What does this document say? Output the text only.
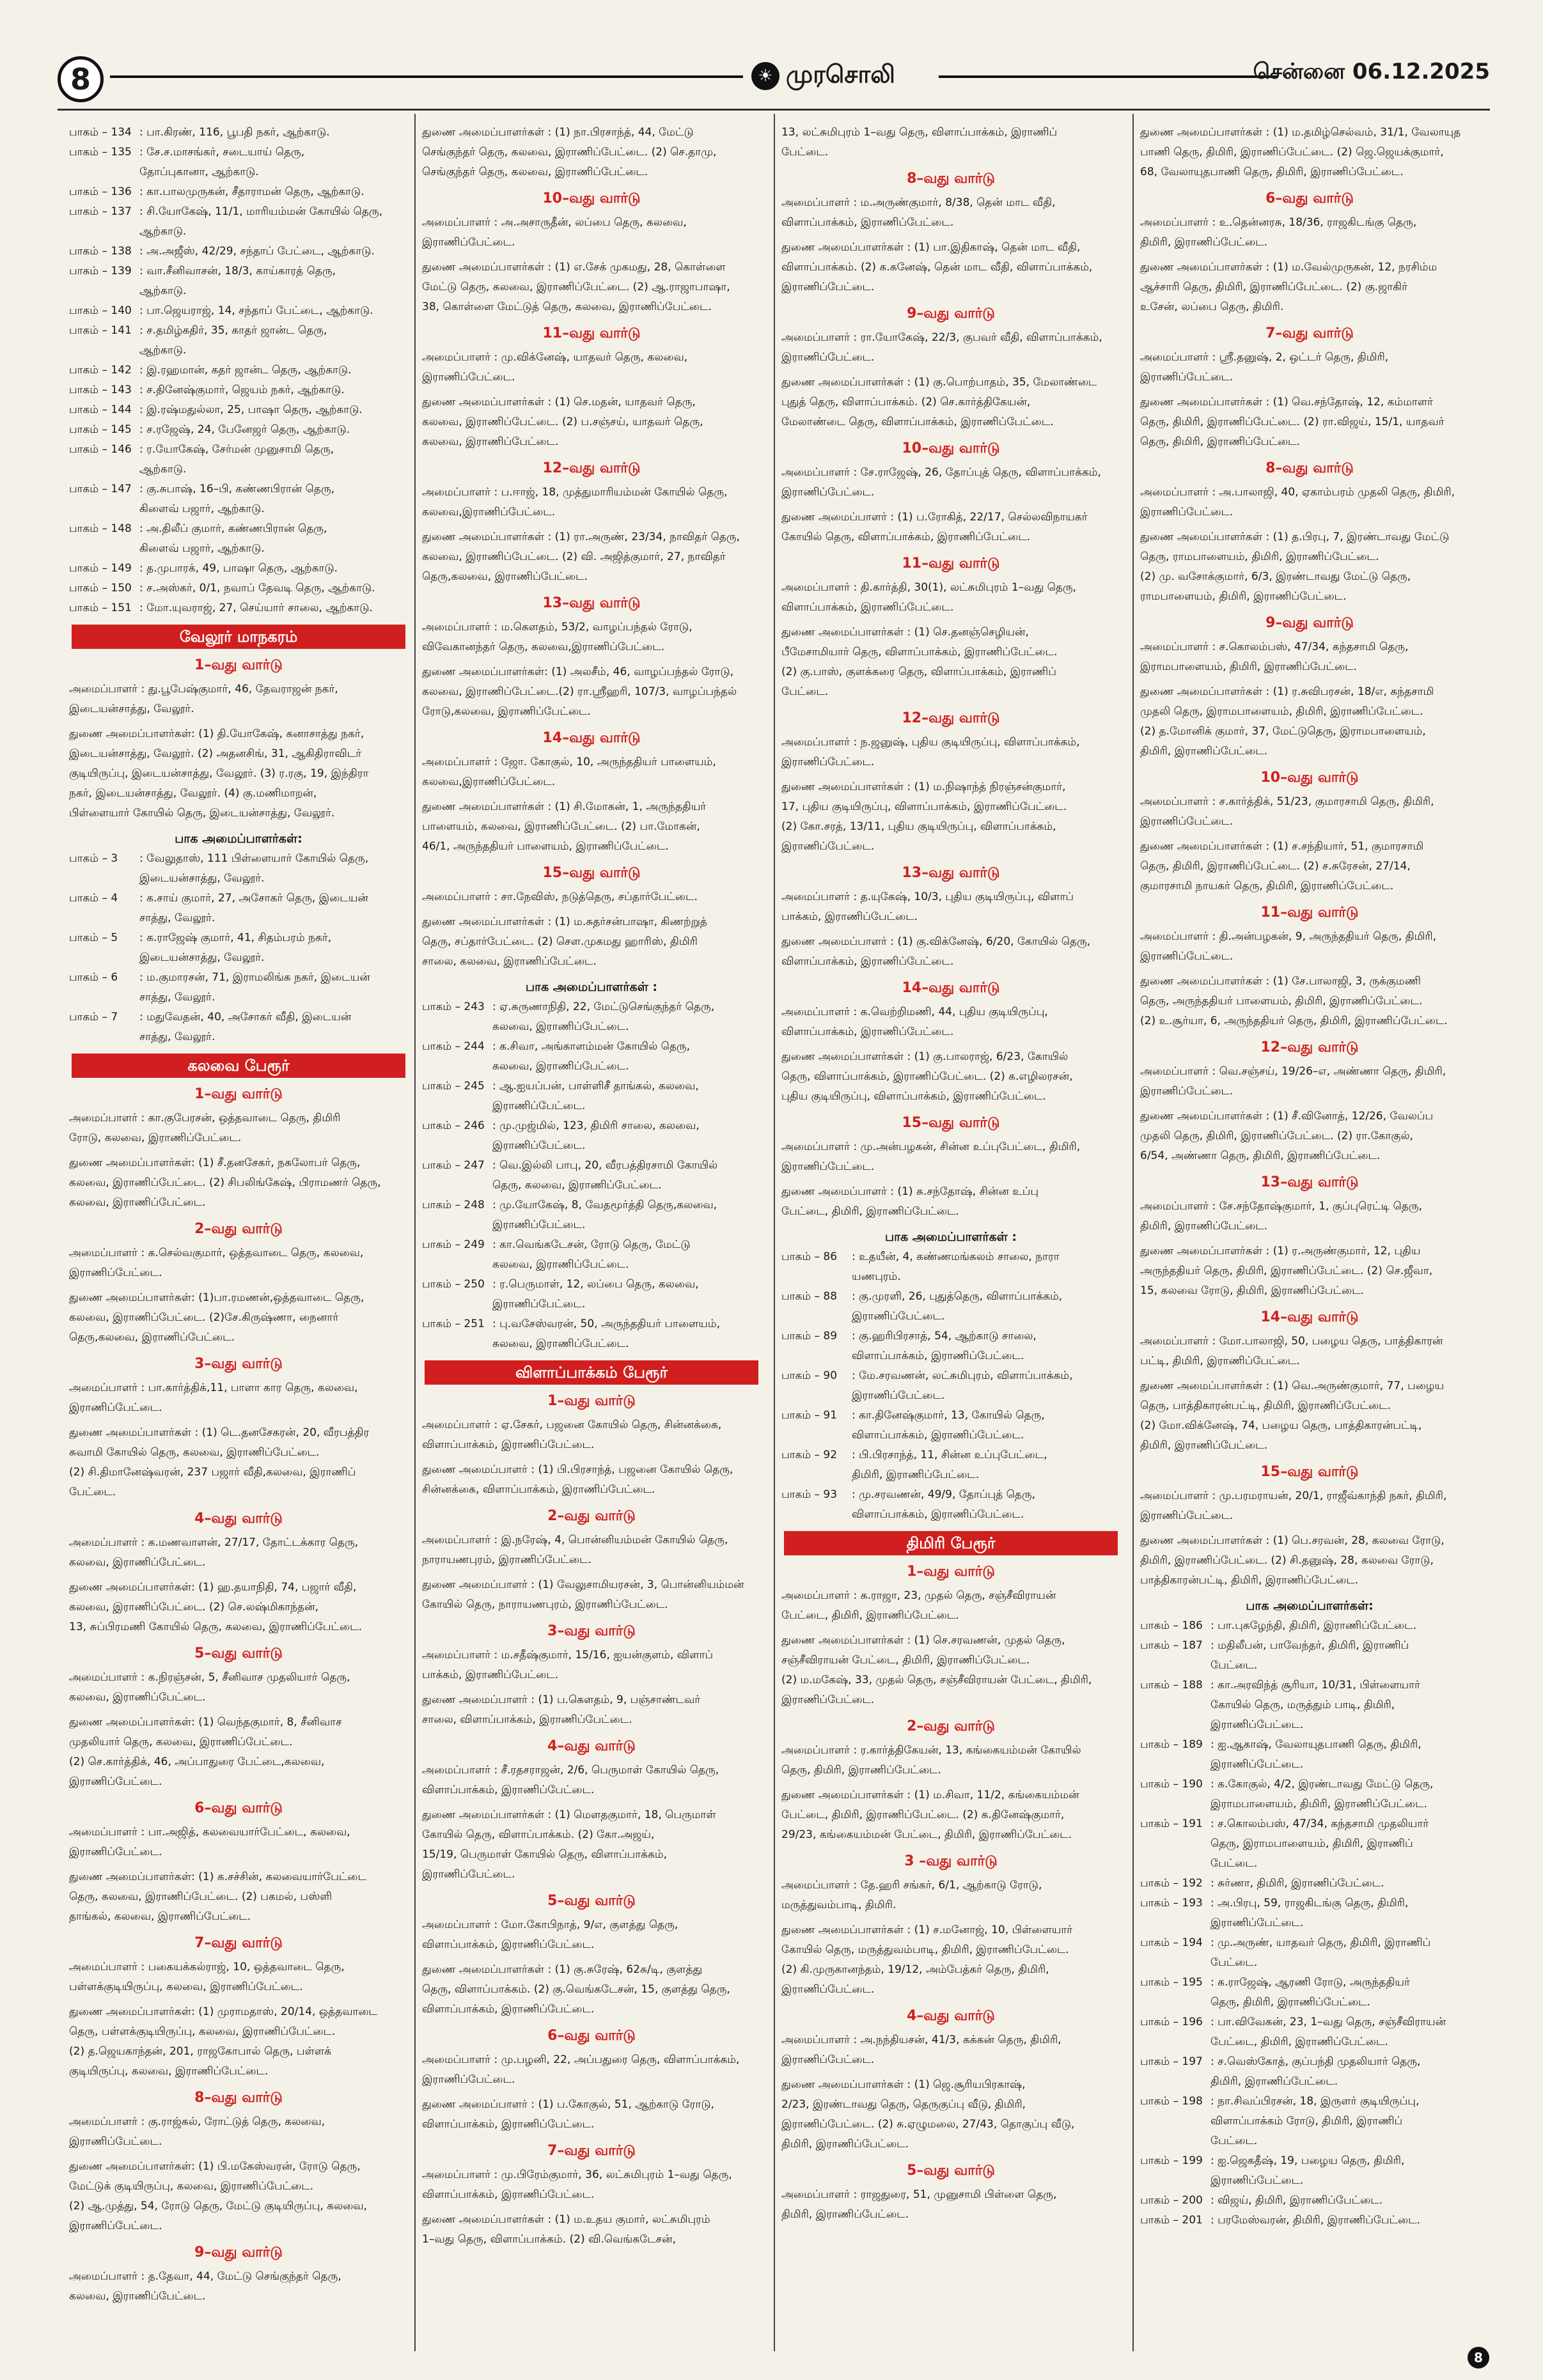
8	☀ முரசொலி	சென்னை 06.12.2025
பாகம் – 134 : பா.கிரண், 116, பூபதி நகர், ஆற்காடு.
பாகம் – 135 : சே.ச.மாசங்கர், சடையாய் தெரு,
தோப்புகானா, ஆற்காடு.
பாகம் – 136 : கா.பாலமுருகன், சீதாராமன் தெரு, ஆற்காடு.
பாகம் – 137 : சி.யோகேஷ், 11/1, மாரியம்மன் கோயில் தெரு,
ஆற்காடு.
பாகம் – 138 : அ.அஜீஸ், 42/29, சந்தாப் பேட்டை, ஆற்காடு.
பாகம் – 139 : வா.சீனிவாசன், 18/3, காய்காரத் தெரு,
ஆற்காடு.
பாகம் – 140 : பா.ஜெயராஜ், 14, சந்தாப் பேட்டை, ஆற்காடு.
பாகம் – 141 : ச.தமிழ்கதிர், 35, காதர் ஜான்ட தெரு,
ஆற்காடு.
பாகம் – 142 : இ.ரஹமான், கதர் ஜான்ட தெரு, ஆற்காடு.
பாகம் – 143 : ச.தினேஷ்குமார், ஜெயம் நகர், ஆற்காடு.
பாகம் – 144 : இ.ரஷ்மதுல்லா, 25, பாஷா தெரு, ஆற்காடு.
பாகம் – 145 : ச.ரஜேஷ், 24, பேனேஜர் தெரு, ஆற்காடு.
பாகம் – 146 : ர.யோகேஷ், சேர்மன் முனுசாமி தெரு,
ஆற்காடு.
பாகம் – 147 : கு.சுபாஷ், 16–பி, கண்ணபிரான் தெரு,
கிளைவ் பஜார், ஆற்காடு.
பாகம் – 148 : அ.திலீப் குமார், கண்ணபிரான் தெரு,
கிளைவ் பஜார், ஆற்காடு.
பாகம் – 149 : த.முபாரக், 49, பாஷா தெரு, ஆற்காடு.
பாகம் – 150 : ச.அஸ்கர், 0/1, நவாப் தேவடி தெரு, ஆற்காடு.
பாகம் – 151 : மோ.யுவராஜ், 27, செய்யார் சாலை, ஆற்காடு.
வேலூர் மாநகரம்
1–வது வார்டு
அமைப்பாளர் : து.பூபேஷ்குமார், 46, தேவராஜன் நகர்,
இடையன்சாத்து, வேலூர்.
துணை அமைப்பாளர்கள்: (1) தி.யோகேஷ், கனாசாத்து நகர்,
இடையன்சாத்து, வேலூர். (2) அதனசிங், 31, ஆகிதிராவிடர்
குடியிருப்பு, இடையன்சாத்து, வேலூர். (3) ர.ரகு, 19, இந்திரா
நகர், இடையன்சாத்து, வேலூர். (4) கு.மணிமாறன்,
பிள்ளையார் கோயில் தெரு, இடையன்சாத்து, வேலூர்.
பாக அமைப்பாளர்கள்:
பாகம் – 3	: வேலுதாஸ், 111 பிள்ளையார் கோயில் தெரு,
இடையன்சாத்து, வேலூர்.
பாகம் – 4	: க.சாய் குமார், 27, அசோகர் தெரு, இடையன்
சாத்து, வேலூர்.
பாகம் – 5	: க.ராஜேஷ் குமார், 41, சிதம்பரம் நகர்,
இடையன்சாத்து, வேலூர்.
பாகம் – 6	: ம.குமாரசன், 71, இராமலிங்க நகர், இடையன்
சாத்து, வேலூர்.
பாகம் – 7	: மதுவேதன், 40, அசோகர் வீதி, இடையன்
சாத்து, வேலூர்.
கலவை பேரூர்
1–வது வார்டு
அமைப்பாளர் : கா.குபேரசன், ஒத்தவாடை தெரு, திமிரி
ரோடு, கலவை, இராணிப்பேட்டை.
துணை அமைப்பாளர்கள்: (1) சீ.தனசேகர், நகலோபர் தெரு,
கலவை, இராணிப்பேட்டை. (2) சிபலிங்கேஷ், பிராமணர் தெரு,
கலவை, இராணிப்பேட்டை.
2–வது வார்டு
அமைப்பாளர் : க.செல்வகுமார், ஒத்தவாடை தெரு, கலவை,
இராணிப்பேட்டை.
துணை அமைப்பாளர்கள்: (1)பா.ரமணன்,ஒத்தவாடை தெரு,
கலவை, இராணிப்பேட்டை. (2)சே.கிருஷ்ணா, நைனார்
தெரு,கலவை, இராணிப்பேட்டை.
3–வது வார்டு
அமைப்பாளர் : பா.கார்த்திக்,11, பாளா கார தெரு, கலவை,
இராணிப்பேட்டை.
துணை அமைப்பாளர்கள் : (1) டெ.தனசேகரன், 20, வீரபத்திர
சுவாமி கோயில் தெரு, கலவை, இராணிப்பேட்டை.
(2) சி.திமானேஷ்வரன், 237 பஜார் வீதி,கலவை, இராணிப்
பேட்டை.
4–வது வார்டு
அமைப்பாளர் : க.மணவாளன், 27/17, தோட்டக்கார தெரு,
கலவை, இராணிப்பேட்டை.
துணை அமைப்பாளர்கள்: (1) ஹ.தயாநிதி, 74, பஜார் வீதி,
கலவை, இராணிப்பேட்டை. (2) செ.லஷ்மிகாந்தன்,
13, சுப்பிரமணி கோயில் தெரு, கலவை, இராணிப்பேட்டை.
5–வது வார்டு
அமைப்பாளர் : க.நிரஞ்சன், 5, சீனிவாச முதலியார் தெரு,
கலவை, இராணிப்பேட்டை.
துணை அமைப்பாளர்கள்: (1) வெந்தகுமார், 8, சீனிவாச
முதலியார் தெரு, கலவை, இராணிப்பேட்டை.
(2) செ.கார்த்திக், 46, அப்பாதுரை பேட்டை,கலவை,
இராணிப்பேட்டை.
6–வது வார்டு
அமைப்பாளர் : பா.அஜித், கலவையார்பேட்டை, கலவை,
இராணிப்பேட்டை.
துணை அமைப்பாளர்கள்: (1) க.சச்சின், கலவையார்பேட்டை
தெரு, கலவை, இராணிப்பேட்டை. (2) பகமல், பஸ்ளி
தாங்கல், கலவை, இராணிப்பேட்டை.
7–வது வார்டு
அமைப்பாளர் : பகையக்கல்ராஜ், 10, ஒத்தவாடை தெரு,
பள்ளக்குடியிருப்பு, கலவை, இராணிப்பேட்டை.
துணை அமைப்பாளர்கள்: (1) முராமதாஸ், 20/14, ஒத்தவாடை
தெரு, பள்ளக்குடியிருப்பு, கலவை, இராணிப்பேட்டை.
(2) த.ஜெயகாந்தன், 201, ராஜகோபால் தெரு, பள்ளக்
குடியிருப்பு, கலவை, இராணிப்பேட்டை.
8–வது வார்டு
அமைப்பாளர் : கு.ராஜ்கல், ரோட்டுத் தெரு, கலவை,
இராணிப்பேட்டை.
துணை அமைப்பாளர்கள்: (1) பி.மகேஸ்வரன், ரோடு தெரு,
மேட்டுக் குடியிருப்பு, கலவை, இராணிப்பேட்டை.
(2) ஆ.முத்து, 54, ரோடு தெரு, மேட்டு குடியிருப்பு, கலவை,
இராணிப்பேட்டை.
9–வது வார்டு
அமைப்பாளர் : த.தேவா, 44, மேட்டு செங்குந்தர் தெரு,
கலவை, இராணிப்பேட்டை.
துணை அமைப்பாளர்கள் : (1) நா.பிரசாந்த், 44, மேட்டு
செங்குந்தர் தெரு, கலவை, இராணிப்பேட்டை. (2) செ.தாமு,
செங்குந்தர் தெரு, கலவை, இராணிப்பேட்டை.
10–வது வார்டு
அமைப்பாளர் : அ.அசாருதீன், லப்பை தெரு, கலவை,
இராணிப்பேட்டை.
துணை அமைப்பாளர்கள் : (1) எ.சேக் முகமது, 28, கொள்ளை
மேட்டு தெரு, கலவை, இராணிப்பேட்டை. (2) ஆ.ராஜாபாஷா,
38, கொள்ளை மேட்டுத் தெரு, கலவை, இராணிப்பேட்டை.
11–வது வார்டு
அமைப்பாளர் : மு.விக்னேஷ், யாதவர் தெரு, கலவை,
இராணிப்பேட்டை.
துணை அமைப்பாளர்கள் : (1) செ.மதன், யாதவர் தெரு,
கலவை, இராணிப்பேட்டை. (2) ப.சஞ்சய், யாதவர் தெரு,
கலவை, இராணிப்பேட்டை.
12–வது வார்டு
அமைப்பாளர் : ப.ஈாஜ், 18, முத்துமாரியம்மன் கோயில் தெரு,
கலவை,இராணிப்பேட்டை.
துணை அமைப்பாளர்கள் : (1) ரா.அருண், 23/34, நாவிதர் தெரு,
கலவை, இராணிப்பேட்டை. (2) வி. அஜித்குமார், 27, நாவிதர்
தெரு,கலவை, இராணிப்பேட்டை.
13–வது வார்டு
அமைப்பாளர் : ம.கௌதம், 53/2, வாழப்பந்தல் ரோடு,
விவேகானந்தர் தெரு, கலவை,இராணிப்பேட்டை.
துணை அமைப்பாளர்கள்: (1) அலசீம், 46, வாழப்பந்தல் ரோடு,
கலவை, இராணிப்பேட்டை.(2) ரா.ஸ்ரீஹரி, 107/3, வாழப்பந்தல்
ரோடு,கலவை, இராணிப்பேட்டை.
14–வது வார்டு
அமைப்பாளர் : ஜோ. கோகுல், 10, அருந்ததியர் பாளையம்,
கலவை,இராணிப்பேட்டை.
துணை அமைப்பாளர்கள் : (1) சி.மோகன், 1, அருந்ததியர்
பாளையம், கலவை, இராணிப்பேட்டை. (2) பா.மோகன்,
46/1, அருந்ததியர் பாளையம், இராணிப்பேட்டை.
15–வது வார்டு
அமைப்பாளர் : சா.நேவிஸ், நடுத்தெரு, சப்தார்பேட்டை.
துணை அமைப்பாளர்கள் : (1) ம.சுதர்சன்பாஷா, கிணற்றுத்
தெரு, சப்தார்பேட்டை. (2) செள.முகமது ஹாரிஸ், திமிரி
சாலை, கலவை, இராணிப்பேட்டை.
பாக அமைப்பாளர்கள் :
பாகம் – 243 : ஏ.சுருணாநிதி, 22, மேட்டுசெங்குந்தர் தெரு,
கலவை, இராணிப்பேட்டை.
பாகம் – 244 : க.சிவா, அங்காளம்மன் கோயில் தெரு,
கலவை, இராணிப்பேட்டை.
பாகம் – 245 : ஆ.ஐயப்பன், பாள்ளிசீ தாங்கல், கலவை,
இராணிப்பேட்டை.
பாகம் – 246 : மு.முஜ்மில், 123, திமிரி சாலை, கலவை,
இராணிப்பேட்டை.
பாகம் – 247 : வெ.இல்லி பாபு, 20, வீரபத்திரசாமி கோயில்
தெரு, கலவை, இராணிப்பேட்டை.
பாகம் – 248 : மு.யோகேஷ், 8, வேதமூர்த்தி தெரு,கலவை,
இராணிப்பேட்டை.
பாகம் – 249 : கா.வெங்கடேசன், ரோடு தெரு, மேட்டு
கலவை, இராணிப்பேட்டை.
பாகம் – 250 : ர.பெருமாள், 12, லப்பை தெரு, கலவை,
இராணிப்பேட்டை.
பாகம் – 251 : பு.வசேஸ்வரன், 50, அருந்ததியர் பாளையம்,
கலவை, இராணிப்பேட்டை.
விளாப்பாக்கம் பேரூர்
1–வது வார்டு
அமைப்பாளர் : ஏ.சேகர், பஜனை கோயில் தெரு, சின்னக்கை,
விளாப்பாக்கம், இராணிப்பேட்டை.
துணை அமைப்பாளர் : (1) பி.பிரசாந்த், பஜனை கோயில் தெரு,
சின்னக்கை, விளாப்பாக்கம், இராணிப்பேட்டை.
2–வது வார்டு
அமைப்பாளர் : இ.நரேஷ், 4, பொன்னியம்மன் கோயில் தெரு,
நாராயணபுரம், இராணிப்பேட்டை.
துணை அமைப்பாளர் : (1) வேலுசாமியரசன், 3, பொன்னியம்மன்
கோயில் தெரு, நாராயணபுரம், இராணிப்பேட்டை.
3–வது வார்டு
அமைப்பாளர் : ம.சதீஷ்குமார், 15/16, ஐயன்குளம், விளாப்
பாக்கம், இராணிப்பேட்டை.
துணை அமைப்பாளர் : (1) ப.கௌதம், 9, பஞ்சாண்டவர்
சாலை, விளாப்பாக்கம், இராணிப்பேட்டை.
4–வது வார்டு
அமைப்பாளர் : சீ.ரதசராஜன், 2/6, பெருமாள் கோயில் தெரு,
விளாப்பாக்கம், இராணிப்பேட்டை.
துணை அமைப்பாளர்கள் : (1) மௌதகுமார், 18, பெருமாள்
கோயில் தெரு, விளாப்பாக்கம். (2) கோ.அஜய்,
15/19, பெருமாள் கோயில் தெரு, விளாப்பாக்கம்,
இராணிப்பேட்டை.
5–வது வார்டு
அமைப்பாளர் : மோ.கோபிநாத், 9/எ, குளத்து தெரு,
விளாப்பாக்கம், இராணிப்பேட்டை.
துணை அமைப்பாளர்கள் : (1) கு.சுரேஷ், 62சு/டி, குளத்து
தெரு, விளாப்பாக்கம். (2) கு.வெங்கடேசன், 15, குளத்து தெரு,
விளாப்பாக்கம், இராணிப்பேட்டை.
6–வது வார்டு
அமைப்பாளர் : மு.பழனி, 22, அப்பதுரை தெரு, விளாப்பாக்கம்,
இராணிப்பேட்டை.
துணை அமைப்பாளர் : (1) ப.கோகுல், 51, ஆற்காடு ரோடு,
விளாப்பாக்கம், இராணிப்பேட்டை.
7–வது வார்டு
அமைப்பாளர் : மு.பிரேம்குமார், 36, லட்சுமிபுரம் 1–வது தெரு,
விளாப்பாக்கம், இராணிப்பேட்டை.
துணை அமைப்பாளர்கள் : (1) ம.உதய குமார், லட்சுமிபுரம்
1–வது தெரு, விளாப்பாக்கம். (2) வி.வெங்கடேசன்,
13, லட்சுமிபுரம் 1–வது தெரு, விளாப்பாக்கம், இராணிப்
பேட்டை.
8–வது வார்டு
அமைப்பாளர் : ம.அருண்குமார், 8/38, தென் மாட வீதி,
விளாப்பாக்கம், இராணிப்பேட்டை.
துணை அமைப்பாளர்கள் : (1) பா.இதிகாஷ், தென் மாட வீதி,
விளாப்பாக்கம். (2) க.கனேஷ், தென் மாட வீதி, விளாப்பாக்கம்,
இராணிப்பேட்டை.
9–வது வார்டு
அமைப்பாளர் : ரா.யோகேஷ், 22/3, குபவர் வீதி, விளாப்பாக்கம்,
இராணிப்பேட்டை.
துணை அமைப்பாளர்கள் : (1) கு.பொற்பாதம், 35, மேலாண்டை
புதுத் தெரு, விளாப்பாக்கம். (2) செ.கார்த்திகேயன்,
மேலாண்டை தெரு, விளாப்பாக்கம், இராணிப்பேட்டை.
10–வது வார்டு
அமைப்பாளர் : சே.ராஜேஷ், 26, தோப்புத் தெரு, விளாப்பாக்கம்,
இராணிப்பேட்டை.
துணை அமைப்பாளர் : (1) ப.ரோகித், 22/17, செல்லவிநாயகர்
கோயில் தெரு, விளாப்பாக்கம், இராணிப்பேட்டை.
11–வது வார்டு
அமைப்பாளர் : தி.கார்த்தி, 30(1), லட்சுமிபுரம் 1–வது தெரு,
விளாப்பாக்கம், இராணிப்பேட்டை.
துணை அமைப்பாளர்கள் : (1) செ.தனஞ்செழியன்,
பீமேசாமியார் தெரு, விளாப்பாக்கம், இராணிப்பேட்டை.
(2) கு.பாஸ், குளக்கரை தெரு, விளாப்பாக்கம், இராணிப்
பேட்டை.
12–வது வார்டு
அமைப்பாளர் : ந.ஜனுஷ், புதிய குடியிருப்பு, விளாப்பாக்கம்,
இராணிப்பேட்டை.
துணை அமைப்பாளர்கள் : (1) ம.நிஷாந்த் நிரஞ்சன்குமார்,
17, புதிய குடியிருப்பு, விளாப்பாக்கம், இராணிப்பேட்டை.
(2) கோ.சரத், 13/11, புதிய குடியிருப்பு, விளாப்பாக்கம்,
இராணிப்பேட்டை.
13–வது வார்டு
அமைப்பாளர் : த.யுகேஷ், 10/3, புதிய குடியிருப்பு, விளாப்
பாக்கம், இராணிப்பேட்டை.
துணை அமைப்பாளர் : (1) கு.விக்னேஷ், 6/20, கோயில் தெரு,
விளாப்பாக்கம், இராணிப்பேட்டை.
14–வது வார்டு
அமைப்பாளர் : க.வெற்றிமணி, 44, புதிய குடியிருப்பு,
விளாப்பாக்கம், இராணிப்பேட்டை.
துணை அமைப்பாளர்கள் : (1) கு.பாலராஜ், 6/23, கோயில்
தெரு, விளாப்பாக்கம், இராணிப்பேட்டை. (2) க.எழிலரசன்,
புதிய குடியிருப்பு, விளாப்பாக்கம், இராணிப்பேட்டை.
15–வது வார்டு
அமைப்பாளர் : மு.அன்பழகன், சின்ன உப்புபேட்டை, திமிரி,
இராணிப்பேட்டை.
துணை அமைப்பாளர் : (1) சு.சந்தோஷ், சின்ன உப்பு
பேட்டை, திமிரி, இராணிப்பேட்டை.
பாக அமைப்பாளர்கள் :
பாகம் – 86	: உதயீன், 4, கண்ணமங்கலம் சாலை, நாரா
யணபுரம்.
பாகம் – 88	: கு.முரளி, 26, புதுத்தெரு, விளாப்பாக்கம்,
இராணிப்பேட்டை.
பாகம் – 89	: கு.ஹரிபிரசாத், 54, ஆற்காடு சாலை,
விளாப்பாக்கம், இராணிப்பேட்டை.
பாகம் – 90	: மே.சரவணன், லட்சுமிபுரம், விளாப்பாக்கம்,
இராணிப்பேட்டை.
பாகம் – 91	: கா.தினேஷ்குமார், 13, கோயில் தெரு,
விளாப்பாக்கம், இராணிப்பேட்டை.
பாகம் – 92	: பி.பிரசாந்த், 11, சின்ன உப்புபேட்டை,
திமிரி, இராணிப்பேட்டை.
பாகம் – 93	: மு.சரவணன், 49/9, தோப்புத் தெரு,
விளாப்பாக்கம், இராணிப்பேட்டை.
திமிரி பேரூர்
1–வது வார்டு
அமைப்பாளர் : க.ராஜா, 23, முதல் தெரு, சஞ்சீவிராயன்
பேட்டை, திமிரி, இராணிப்பேட்டை.
துணை அமைப்பாளர்கள் : (1) செ.சரவணன், முதல் தெரு,
சஞ்சீவிராயன் பேட்டை, திமிரி, இராணிப்பேட்டை.
(2) ம.மகேஷ், 33, முதல் தெரு, சஞ்சீவிராயன் பேட்டை, திமிரி,
இராணிப்பேட்டை.
2–வது வார்டு
அமைப்பாளர் : ர.கார்த்திகேயன், 13, கங்கையம்மன் கோயில்
தெரு, திமிரி, இராணிப்பேட்டை.
துணை அமைப்பாளர்கள் : (1) ம.சிவா, 11/2, கங்கையம்மன்
பேட்டை, திமிரி, இராணிப்பேட்டை. (2) க.தினேஷ்குமார்,
29/23, கங்கையம்மன் பேட்டை, திமிரி, இராணிப்பேட்டை.
3 –வது வார்டு
அமைப்பாளர் : தே.ஹரி சங்கர், 6/1, ஆற்காடு ரோடு,
மருத்துவம்பாடி, திமிரி.
துணை அமைப்பாளர்கள் : (1) ச.மனோஜ், 10, பிள்ளையார்
கோயில் தெரு, மருத்துவம்பாடி, திமிரி, இராணிப்பேட்டை.
(2) கி.முருகானந்தம், 19/12, அம்பேத்கர் தெரு, திமிரி,
இராணிப்பேட்டை.
4–வது வார்டு
அமைப்பாளர் : அ.நந்தியசன், 41/3, கக்கன் தெரு, திமிரி,
இராணிப்பேட்டை.
துணை அமைப்பாளர்கள் : (1) ஜெ.சூரியபிரகாஷ்,
2/23, இரண்டாவது தெரு, தெருகுப்பு வீடு, திமிரி,
இராணிப்பேட்டை. (2) சு.ஏழுமலை, 27/43, தொகுப்பு வீடு,
திமிரி, இராணிப்பேட்டை.
5–வது வார்டு
அமைப்பாளர் : ராஜதுரை, 51, முனுசாமி பிள்ளை தெரு,
திமிரி, இராணிப்பேட்டை.
துணை அமைப்பாளர்கள் : (1) ம.தமிழ்செல்வம், 31/1, வேலாயுத
பாணி தெரு, திமிரி, இராணிப்பேட்டை. (2) ஜெ.ஜெயக்குமார்,
68, வேலாயுதபாணி தெரு, திமிரி, இராணிப்பேட்டை.
6–வது வார்டு
அமைப்பாளர் : உ.தென்னரசு, 18/36, ராஜகிடங்கு தெரு,
திமிரி, இராணிப்பேட்டை.
துணை அமைப்பாளர்கள் : (1) ம.வேல்முருகன், 12, நரசிம்ம
ஆச்சாரி தெரு, திமிரி, இராணிப்பேட்டை. (2) கு.ஜாகிர்
உசேன், லப்பை தெரு, திமிரி.
7–வது வார்டு
அமைப்பாளர் : ஸ்ரீ.தனுஷ், 2, ஒட்டர் தெரு, திமிரி,
இராணிப்பேட்டை.
துணை அமைப்பாளர்கள் : (1) வெ.சந்தோஷ், 12, கம்மாளர்
தெரு, திமிரி, இராணிப்பேட்டை. (2) ரா.விஜய், 15/1, யாதவர்
தெரு, திமிரி, இராணிப்பேட்டை.
8–வது வார்டு
அமைப்பாளர் : அ.பாலாஜி, 40, ஏகாம்பரம் முதலி தெரு, திமிரி,
இராணிப்பேட்டை.
துணை அமைப்பாளர்கள் : (1) த.பிரபு, 7, இரண்டாவது மேட்டு
தெரு, ராமபாளையம், திமிரி, இராணிப்பேட்டை.
(2) மு. வசோக்குமார், 6/3, இரண்டாவது மேட்டு தெரு,
ராமபாளையம், திமிரி, இராணிப்பேட்டை.
9–வது வார்டு
அமைப்பாளர் : ச.கொலம்பஸ், 47/34, கந்தசாமி தெரு,
இராமபாளையம், திமிரி, இராணிப்பேட்டை.
துணை அமைப்பாளர்கள் : (1) ர.சுவிபரசன், 18/எ, கந்தசாமி
முதலி தெரு, இராமபாளையம், திமிரி, இராணிப்பேட்டை.
(2) த.மோனிக் குமார், 37, மேட்டுதெரு, இராமபாளையம்,
திமிரி, இராணிப்பேட்டை.
10–வது வார்டு
அமைப்பாளர் : ச.கார்த்திக், 51/23, குமாரசாமி தெரு, திமிரி,
இராணிப்பேட்டை.
துணை அமைப்பாளர்கள் : (1) ச.சந்தியார், 51, குமாரசாமி
தெரு, திமிரி, இராணிப்பேட்டை. (2) ச.சுரேசன், 27/14,
குமாரசாமி நாயகர் தெரு, திமிரி, இராணிப்பேட்டை.
11–வது வார்டு
அமைப்பாளர் : தி.அன்பழகன், 9, அருந்ததியர் தெரு, திமிரி,
இராணிப்பேட்டை.
துணை அமைப்பாளர்கள் : (1) சே.பாலாஜி, 3, ருக்குமணி
தெரு, அருந்ததியர் பாளையம், திமிரி, இராணிப்பேட்டை.
(2) உ.சூர்யா, 6, அருந்ததியர் தெரு, திமிரி, இராணிப்பேட்டை.
12–வது வார்டு
அமைப்பாளர் : வெ.சஞ்சய், 19/26–எ, அண்ணா தெரு, திமிரி,
இராணிப்பேட்டை.
துணை அமைப்பாளர்கள் : (1) சீ.வினோத், 12/26, வேலப்ப
முதலி தெரு, திமிரி, இராணிப்பேட்டை. (2) ரா.கோகுல்,
6/54, அண்ணா தெரு, திமிரி, இராணிப்பேட்டை.
13–வது வார்டு
அமைப்பாளர் : சே.சந்தோஷ்குமார், 1, குப்புரெட்டி தெரு,
திமிரி, இராணிப்பேட்டை.
துணை அமைப்பாளர்கள் : (1) ர.அருண்குமார், 12, புதிய
அருந்ததியர் தெரு, திமிரி, இராணிப்பேட்டை. (2) செ.ஜீவா,
15, கலவை ரோடு, திமிரி, இராணிப்பேட்டை.
14–வது வார்டு
அமைப்பாளர் : மோ.பாலாஜி, 50, பழைய தெரு, பாத்திகாரன்
பட்டி, திமிரி, இராணிப்பேட்டை.
துணை அமைப்பாளர்கள் : (1) வெ.அருண்குமார், 77, பழைய
தெரு, பாத்திகாரன்பட்டி, திமிரி, இராணிப்பேட்டை.
(2) மோ.விக்னேஷ், 74, பழைய தெரு, பாத்திகாரன்பட்டி,
திமிரி, இராணிப்பேட்டை.
15–வது வார்டு
அமைப்பாளர் : மு.பரமராயன், 20/1, ராஜீவ்காந்தி நகர், திமிரி,
இராணிப்பேட்டை.
துணை அமைப்பாளர்கள் : (1) பெ.சரவன், 28, கலவை ரோடு,
திமிரி, இராணிப்பேட்டை. (2) சி.தனுஷ், 28, கலவை ரோடு,
பாத்திகாரன்பட்டி, திமிரி, இராணிப்பேட்டை.
பாக அமைப்பாளர்கள்:
பாகம் – 186 : பா.புகழேந்தி, திமிரி, இராணிப்பேட்டை.
பாகம் – 187 : மதிலீபன், பாவேந்தர், திமிரி, இராணிப்
பேட்டை.
பாகம் – 188 : கா.அரவிந்த் சூரியா, 10/31, பிள்ளையார்
கோயில் தெரு, மருத்தும் பாடி, திமிரி,
இராணிப்பேட்டை.
பாகம் – 189 : ஐ.ஆகாஷ், வேலாயுதபாணி தெரு, திமிரி,
இராணிப்பேட்டை.
பாகம் – 190 : க.கோகுல், 4/2, இரண்டாவது மேட்டு தெரு,
இராமபாளையம், திமிரி, இராணிப்பேட்டை.
பாகம் – 191 : ச.கொலம்பஸ், 47/34, கந்தசாமி முதலியார்
தெரு, இராமபாளையம், திமிரி, இராணிப்
பேட்டை.
பாகம் – 192 : சுர்ணா, திமிரி, இராணிப்பேட்டை.
பாகம் – 193 : அ.பிரபு, 59, ராஜகிடங்கு தெரு, திமிரி,
இராணிப்பேட்டை.
பாகம் – 194 : மு.அருண், யாதவர் தெரு, திமிரி, இராணிப்
பேட்டை.
பாகம் – 195 : க.ராஜேஷ், ஆரணி ரோடு, அருந்ததியர்
தெரு, திமிரி, இராணிப்பேட்டை.
பாகம் – 196 : பா.விவேகன், 23, 1–வது தெரு, சஞ்சீவிராயன்
பேட்டை, திமிரி, இராணிப்பேட்டை.
பாகம் – 197 : ச.வெஸ்கோத், குப்பந்தி முதலியார் தெரு,
திமிரி, இராணிப்பேட்டை.
பாகம் – 198 : நா.சிவப்பிரசன், 18, இருளர் குடியிருப்பு,
விளாப்பாக்கம் ரோடு, திமிரி, இராணிப்
பேட்டை.
பாகம் – 199 : ஐ.ஜெகதீஷ், 19, பழைய தெரு, திமிரி,
இராணிப்பேட்டை.
பாகம் – 200 : விஜய், திமிரி, இராணிப்பேட்டை.
பாகம் – 201 : பரமேஸ்வரன், திமிரி, இராணிப்பேட்டை.
8
